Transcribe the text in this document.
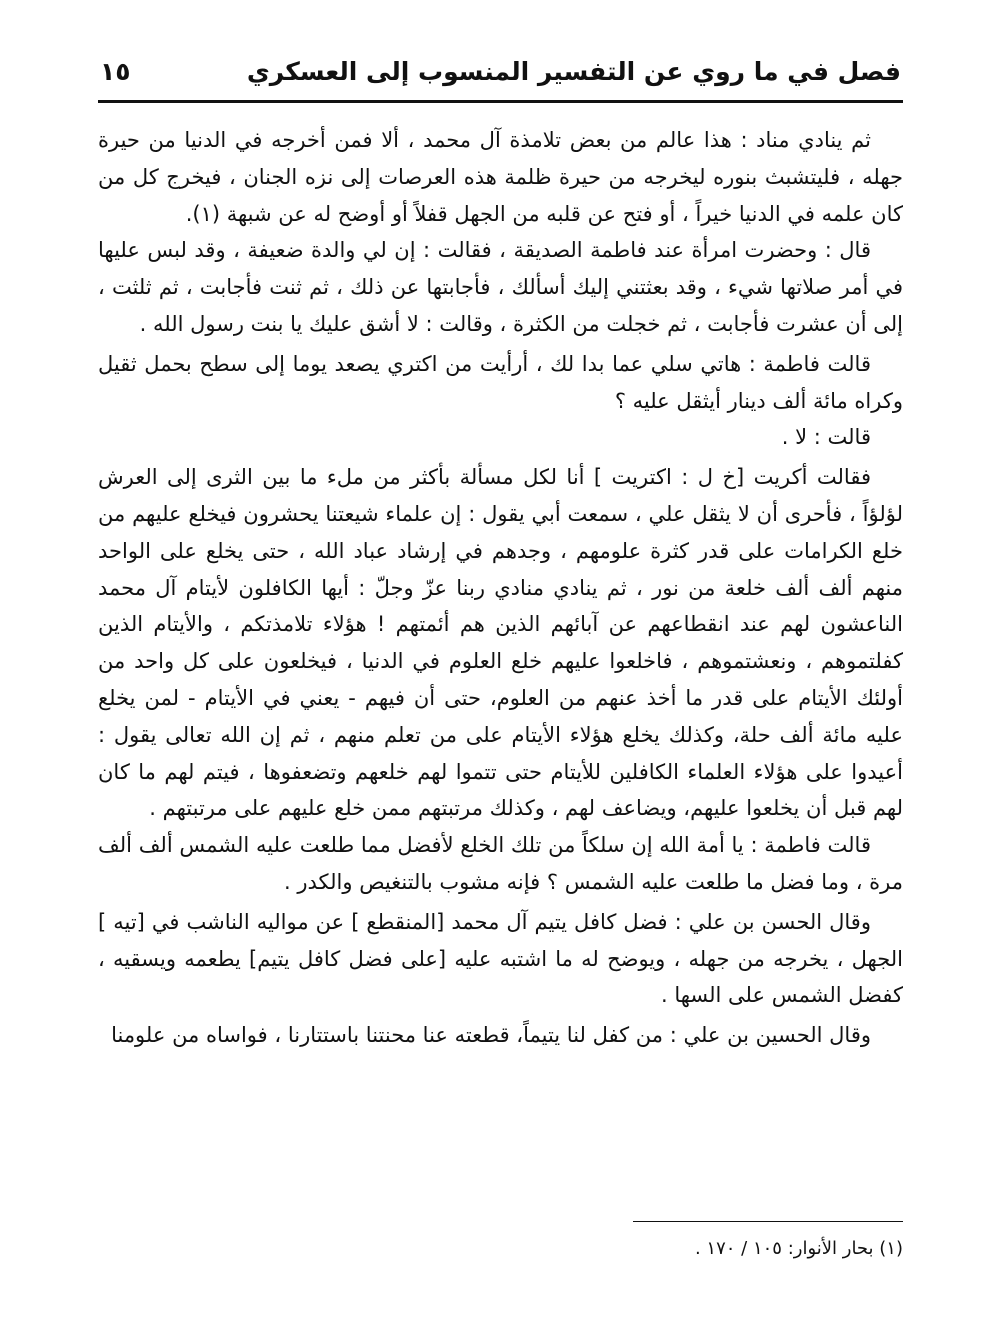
فصل في ما روي عن التفسير المنسوب إلى العسكري
١٥

ثم ينادي مناد : هذا عالم من بعض تلامذة آل محمد ، ألا فمن أخرجه في الدنيا من حيرة جهله ، فليتشبث بنوره ليخرجه من حيرة ظلمة هذه العرصات إلى نزه الجنان ، فيخرج كل من كان علمه في الدنيا خيراً ، أو فتح عن قلبه من الجهل قفلاً أو أوضح له عن شبهة (١).

قال : وحضرت امرأة عند فاطمة الصديقة ، فقالت : إن لي والدة ضعيفة ، وقد لبس عليها في أمر صلاتها شيء ، وقد بعثتني إليك أسألك ، فأجابتها عن ذلك ، ثم ثنت فأجابت ، ثم ثلثت ، إلى أن عشرت فأجابت ، ثم خجلت من الكثرة ، وقالت : لا أشق عليك يا بنت رسول الله .

قالت فاطمة : هاتي سلي عما بدا لك ، أرأيت من اكتري يصعد يوما إلى سطح بحمل ثقيل وكراه مائة ألف دينار أيثقل عليه ؟

قالت : لا .

فقالت أكريت [خ ل : اكتريت ] أنا لكل مسألة بأكثر من ملء ما بين الثرى إلى العرش لؤلؤاً ، فأحرى أن لا يثقل علي ، سمعت أبي يقول : إن علماء شيعتنا يحشرون فيخلع عليهم من خلع الكرامات على قدر كثرة علومهم ، وجدهم في إرشاد عباد الله ، حتى يخلع على الواحد منهم ألف ألف خلعة من نور ، ثم ينادي منادي ربنا عزّ وجلّ : أيها الكافلون لأيتام آل محمد الناعشون لهم عند انقطاعهم عن آبائهم الذين هم أئمتهم ! هؤلاء تلامذتكم ، والأيتام الذين كفلتموهم ، ونعشتموهم ، فاخلعوا عليهم خلع العلوم في الدنيا ، فيخلعون على كل واحد من أولئك الأيتام على قدر ما أخذ عنهم من العلوم، حتى أن فيهم - يعني في الأيتام - لمن يخلع عليه مائة ألف حلة، وكذلك يخلع هؤلاء الأيتام على من تعلم منهم ، ثم إن الله تعالى يقول : أعيدوا على هؤلاء العلماء الكافلين للأيتام حتى تتموا لهم خلعهم وتضعفوها ، فيتم لهم ما كان لهم قبل أن يخلعوا عليهم، ويضاعف لهم ، وكذلك مرتبتهم ممن خلع عليهم على مرتبتهم .

قالت فاطمة : يا أمة الله إن سلكاً من تلك الخلع لأفضل مما طلعت عليه الشمس ألف ألف مرة ، وما فضل ما طلعت عليه الشمس ؟ فإنه مشوب بالتنغيص والكدر .

وقال الحسن بن علي : فضل كافل يتيم آل محمد [المنقطع ] عن مواليه الناشب في [تيه ] الجهل ، يخرجه من جهله ، ويوضح له ما اشتبه عليه [على فضل كافل يتيم] يطعمه ويسقيه ، كفضل الشمس على السها .

وقال الحسين بن علي : من كفل لنا يتيماً، قطعته عنا محنتنا باستتارنا ، فواساه من علومنا

(١) بحار الأنوار: ١٠٥ / ١٧٠ .
